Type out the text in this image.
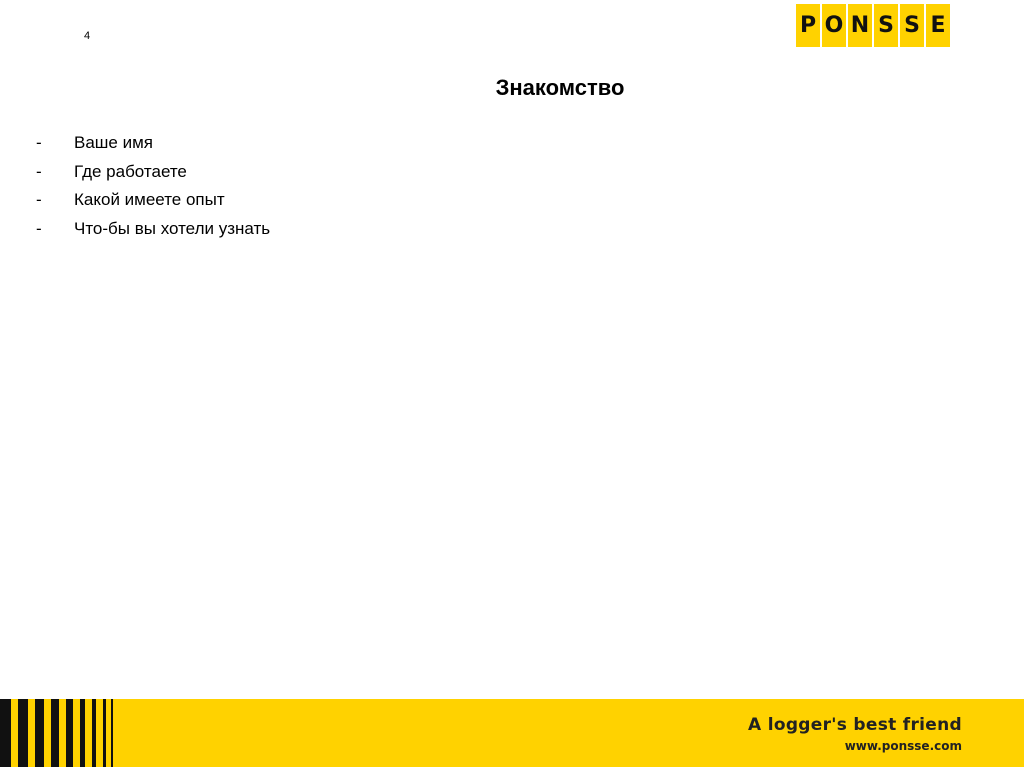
4	P O N S S E
Знакомство
-	Ваше имя
-	Где работаете
-	Какой имеете опыт
-	Что-бы вы хотели узнать
A logger's best friend
www.ponsse.com
